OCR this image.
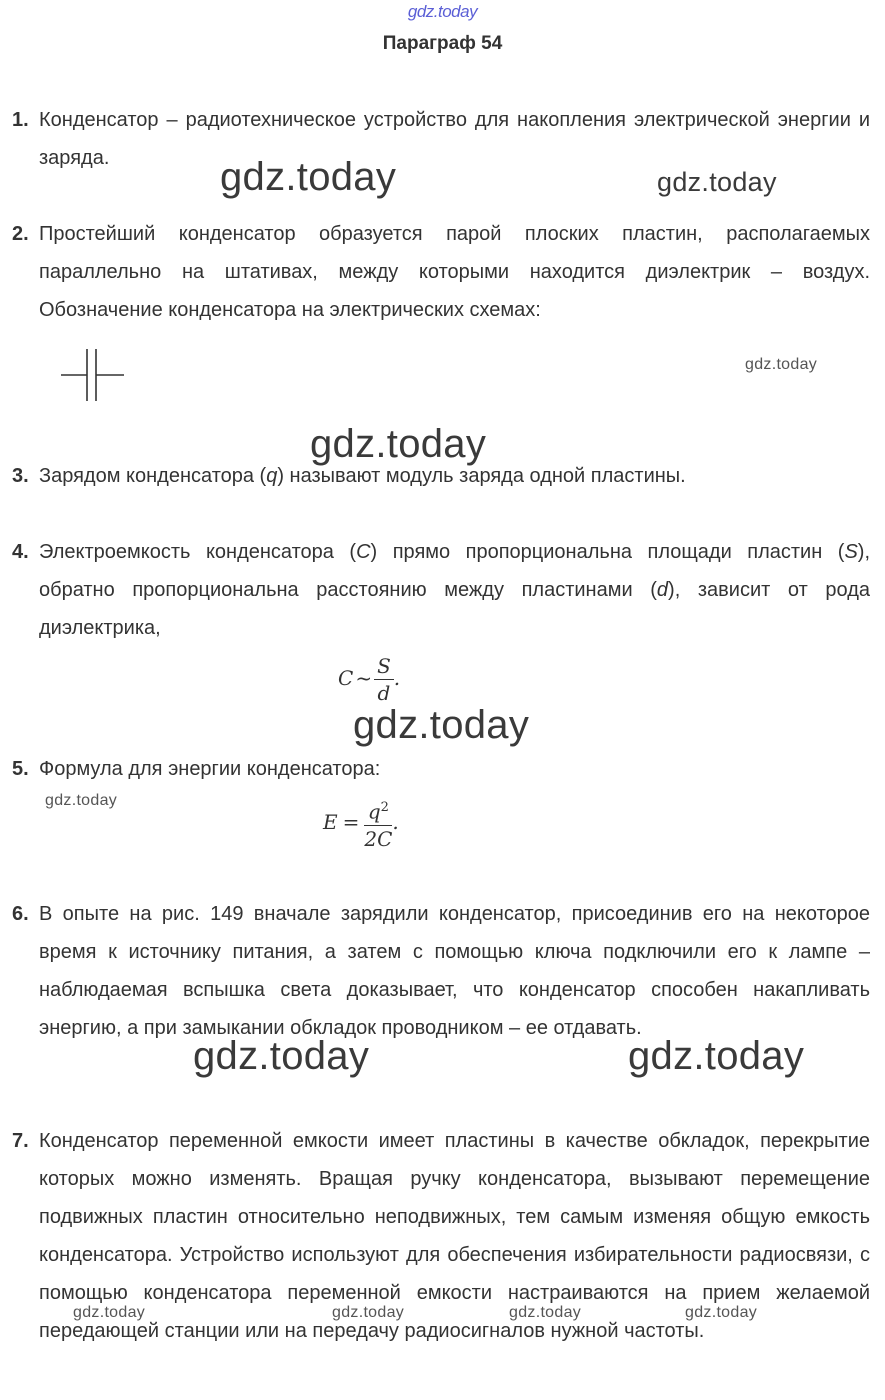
gdz.today
Параграф 54
1. Конденсатор – радиотехническое устройство для накопления электрической энергии и заряда.
2. Простейший конденсатор образуется парой плоских пластин, располагаемых параллельно на штативах, между которыми находится диэлектрик – воздух. Обозначение конденсатора на электрических схемах:
3. Зарядом конденсатора (q) называют модуль заряда одной пластины.
4. Электроемкость конденсатора (C) прямо пропорциональна площади пластин (S), обратно пропорциональна расстоянию между пластинами (d), зависит от рода диэлектрика,
C ~ $\frac{S}{d}$ .
5. Формула для энергии конденсатора:
$E = \frac{q^2}{2C}$ .
6. В опыте на рис. 149 вначале зарядили конденсатор, присоединив его на некоторое время к источнику питания, а затем с помощью ключа подключили его к лампе – наблюдаемая вспышка света доказывает, что конденсатор способен накапливать энергию, а при замыкании обкладок проводником – ее отдавать.
7. Конденсатор переменной емкости имеет пластины в качестве обкладок, перекрытие которых можно изменять. Вращая ручку конденсатора, вызывают перемещение подвижных пластин относительно неподвижных, тем самым изменяя общую емкость конденсатора. Устройство используют для обеспечения избирательности радиосвязи, с помощью конденсатора переменной емкости настраиваются на прием желаемой передающей станции или на передачу радиосигналов нужной частоты.
gdz.today	gdz.today
gdz.today
gdz.today
gdz.today
gdz.today
gdz.today	gdz.today
gdz.today	gdz.today	gdz.today	gdz.today
